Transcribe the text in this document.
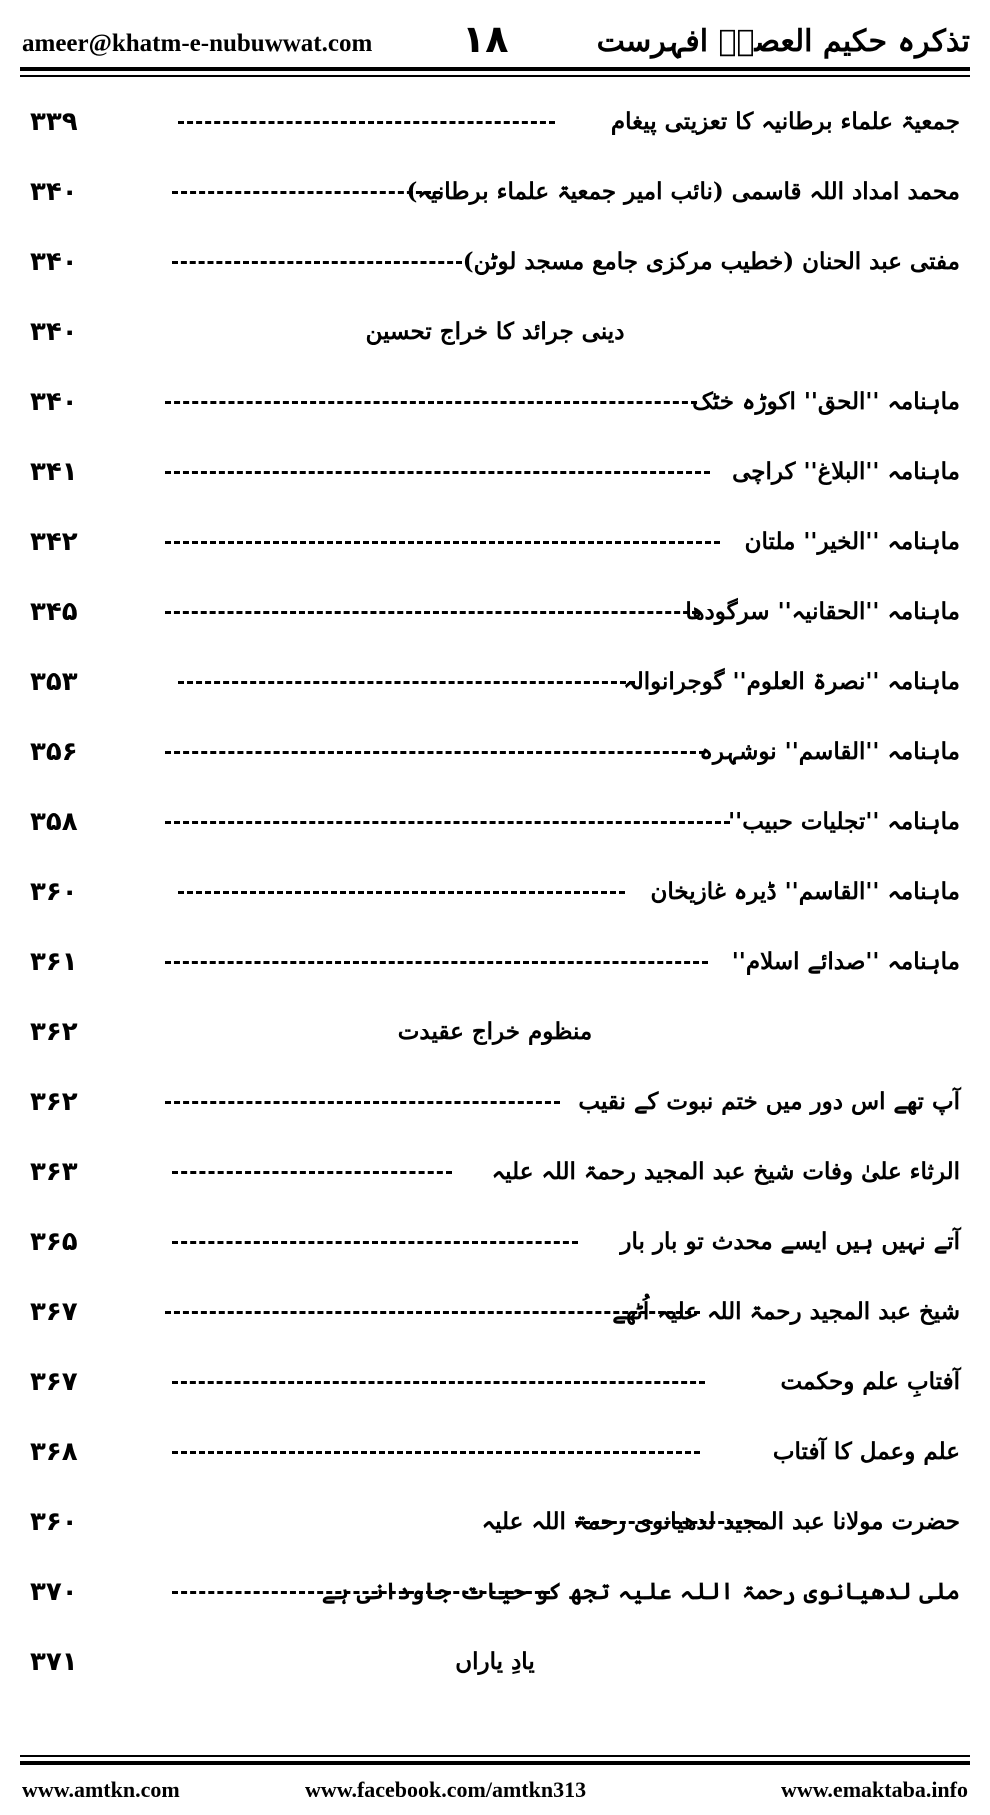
ameer@khatm-e-nubuwwat.com ۱۸	تذکرہ حکیم العصرؒ افہرست
۳۳۹	جمعیۃ علماء برطانیہ کا تعزیتی پیغام
۳۴۰	محمد امداد اللہ قاسمی (نائب امیر جمعیۃ علماء برطانیہ)
۳۴۰	مفتی عبد الحنان (خطیب مرکزی جامع مسجد لوٹن)
۳۴۰	دینی جرائد کا خراج تحسین
۳۴۰	ماہنامہ ''الحق'' اکوڑہ خٹک
۳۴۱	ماہنامہ ''البلاغ'' کراچی
۳۴۲	ماہنامہ ''الخیر'' ملتان
۳۴۵	ماہنامہ ''الحقانیہ'' سرگودھا
۳۵۳	ماہنامہ ''نصرۃ العلوم'' گوجرانوالہ
۳۵۶	ماہنامہ ''القاسم'' نوشہرہ
۳۵۸	ماہنامہ ''تجلیات حبیب''
۳۶۰	ماہنامہ ''القاسم'' ڈیرہ غازیخان
۳۶۱	ماہنامہ ''صدائے اسلام''
۳۶۲	منظوم خراج عقیدت
۳۶۲	آپ تھے اس دور میں ختم نبوت کے نقیب
۳۶۳	الرثاء علیٰ وفات شیخ عبد المجید رحمۃ اللہ علیہ
۳۶۵	آتے نہیں ہیں ایسے محدث تو بار بار
۳۶۷	شیخ عبد المجید رحمۃ اللہ علیہ اُٹھے
۳۶۷	آفتابِ علم وحکمت
۳۶۸	علم وعمل کا آفتاب
۳۶۰	حضرت مولانا عبد المجید لدھیانوی رحمۃ اللہ علیہ
۳۷۰	ملی لدھیانوی رحمۃ اللہ علیہ تجھ کو حیات جاودانی ہے
۳۷۱	یادِ یاراں
www.amtkn.com	www.facebook.com/amtkn313	www.emaktaba.info
